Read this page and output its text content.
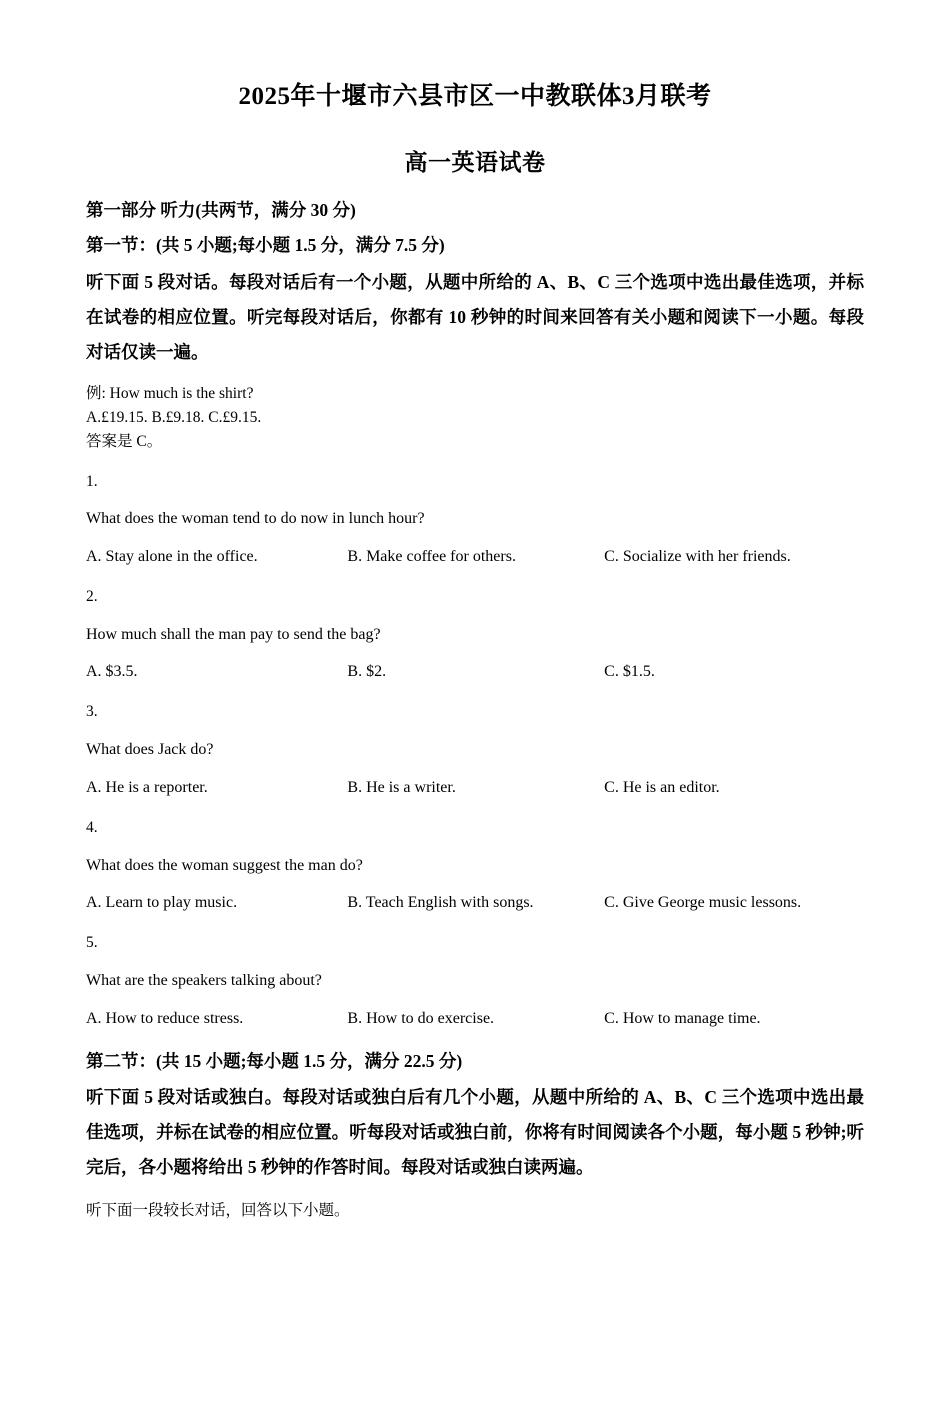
2025年十堰市六县市区一中教联体3月联考
高一英语试卷
第一部分 听力(共两节，满分 30 分)
第一节：(共 5 小题;每小题 1.5 分，满分 7.5 分)
听下面 5 段对话。每段对话后有一个小题，从题中所给的 A、B、C 三个选项中选出最佳选项，并标在试卷的相应位置。听完每段对话后，你都有 10 秒钟的时间来回答有关小题和阅读下一小题。每段对话仅读一遍。
例: How much is the shirt?
A.£19.15. B.£9.18. C.£9.15.
答案是 C。
1.
What does the woman tend to do now in lunch hour?
A. Stay alone in the office.	B. Make coffee for others.	C. Socialize with her friends.
2.
How much shall the man pay to send the bag?
A. $3.5.	B. $2.	C. $1.5.
3.
What does Jack do?
A. He is a reporter.	B. He is a writer.	C. He is an editor.
4.
What does the woman suggest the man do?
A. Learn to play music.	B. Teach English with songs.	C. Give George music lessons.
5.
What are the speakers talking about?
A. How to reduce stress.	B. How to do exercise.	C. How to manage time.
第二节：(共 15 小题;每小题 1.5 分，满分 22.5 分)
听下面 5 段对话或独白。每段对话或独白后有几个小题，从题中所给的 A、B、C 三个选项中选出最佳选项，并标在试卷的相应位置。听每段对话或独白前，你将有时间阅读各个小题，每小题 5 秒钟;听完后，各小题将给出 5 秒钟的作答时间。每段对话或独白读两遍。
听下面一段较长对话，回答以下小题。
